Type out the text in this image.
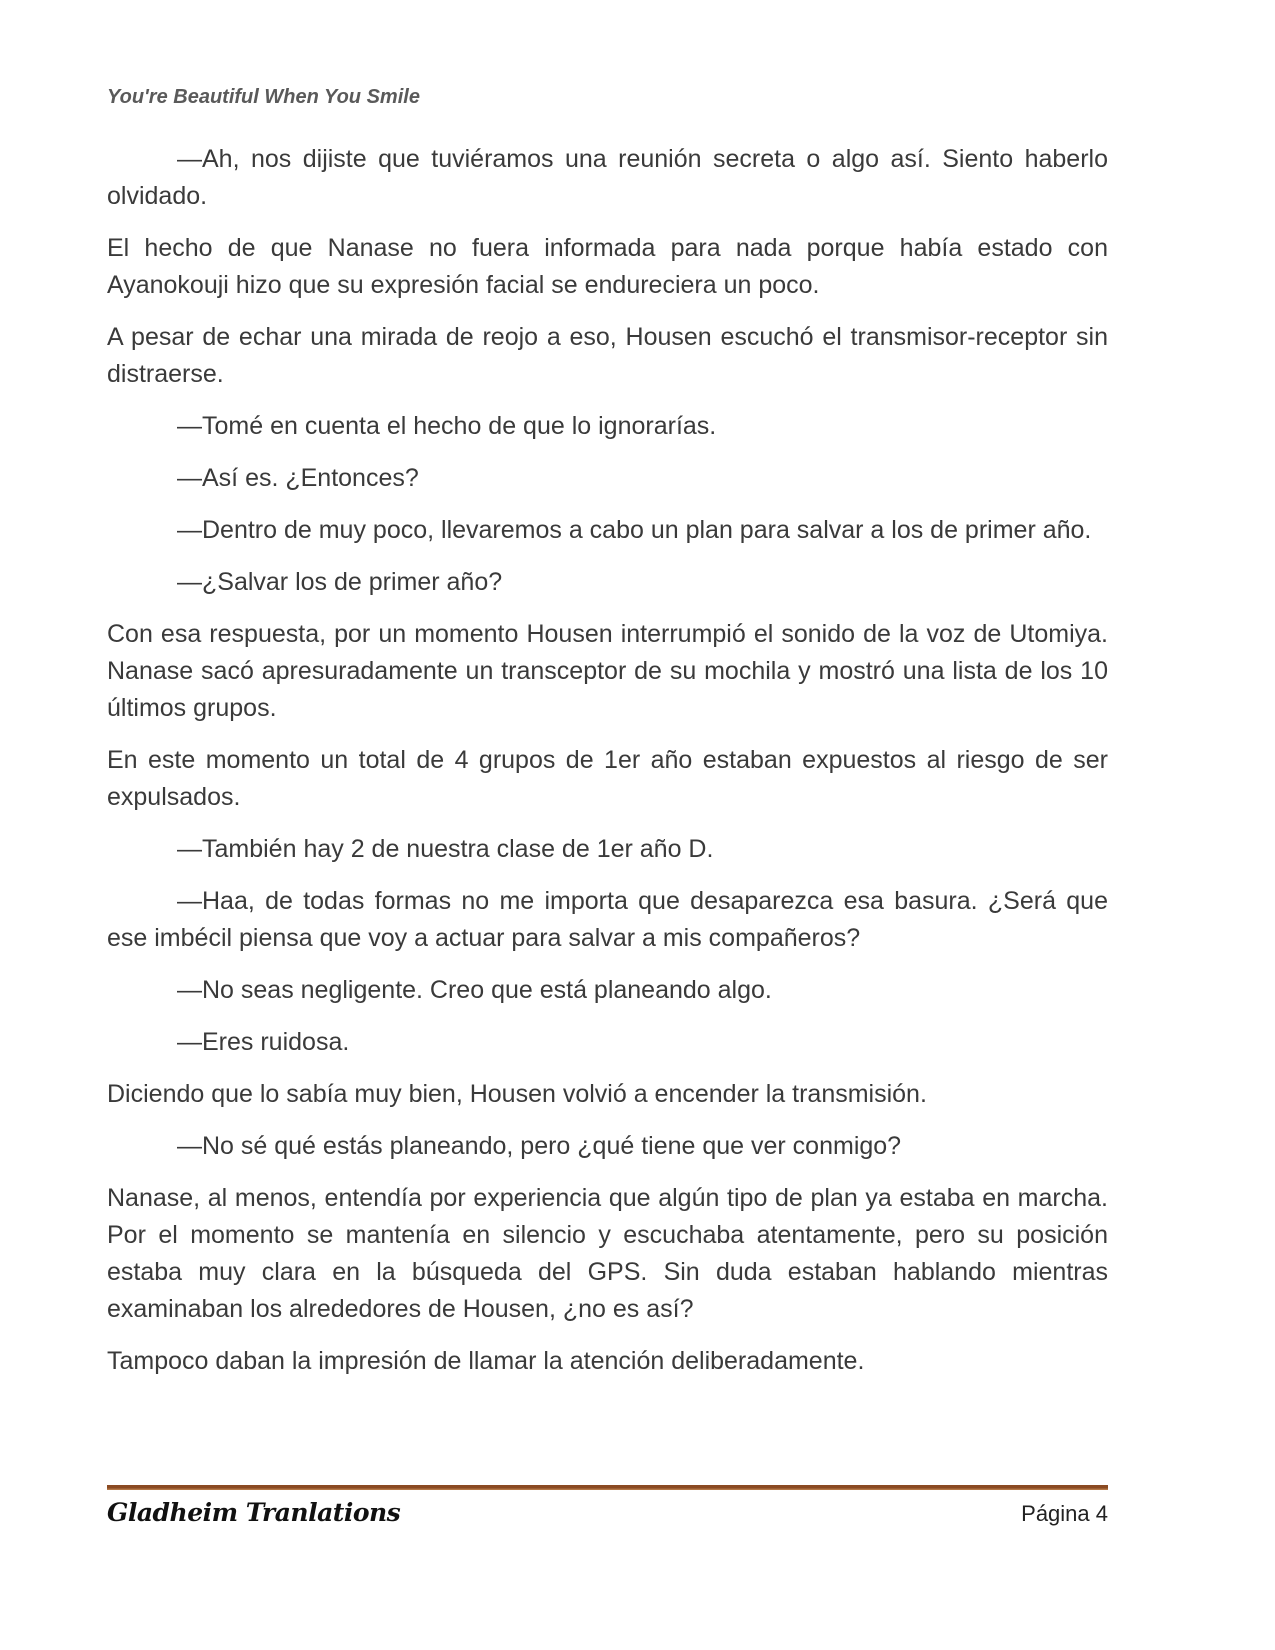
You're Beautiful When You Smile

—Ah, nos dijiste que tuviéramos una reunión secreta o algo así. Siento haberlo olvidado.

El hecho de que Nanase no fuera informada para nada porque había estado con Ayanokouji hizo que su expresión facial se endureciera un poco.

A pesar de echar una mirada de reojo a eso, Housen escuchó el transmisor-receptor sin distraerse.

—Tomé en cuenta el hecho de que lo ignorarías.

—Así es. ¿Entonces?

—Dentro de muy poco, llevaremos a cabo un plan para salvar a los de primer año.

—¿Salvar los de primer año?

Con esa respuesta, por un momento Housen interrumpió el sonido de la voz de Utomiya. Nanase sacó apresuradamente un transceptor de su mochila y mostró una lista de los 10 últimos grupos.

En este momento un total de 4 grupos de 1er año estaban expuestos al riesgo de ser expulsados.

—También hay 2 de nuestra clase de 1er año D.

—Haa, de todas formas no me importa que desaparezca esa basura. ¿Será que ese imbécil piensa que voy a actuar para salvar a mis compañeros?

—No seas negligente. Creo que está planeando algo.

—Eres ruidosa.

Diciendo que lo sabía muy bien, Housen volvió a encender la transmisión.

—No sé qué estás planeando, pero ¿qué tiene que ver conmigo?

Nanase, al menos, entendía por experiencia que algún tipo de plan ya estaba en marcha. Por el momento se mantenía en silencio y escuchaba atentamente, pero su posición estaba muy clara en la búsqueda del GPS. Sin duda estaban hablando mientras examinaban los alrededores de Housen, ¿no es así?

Tampoco daban la impresión de llamar la atención deliberadamente.

Gladheim Tranlations	Página 4
